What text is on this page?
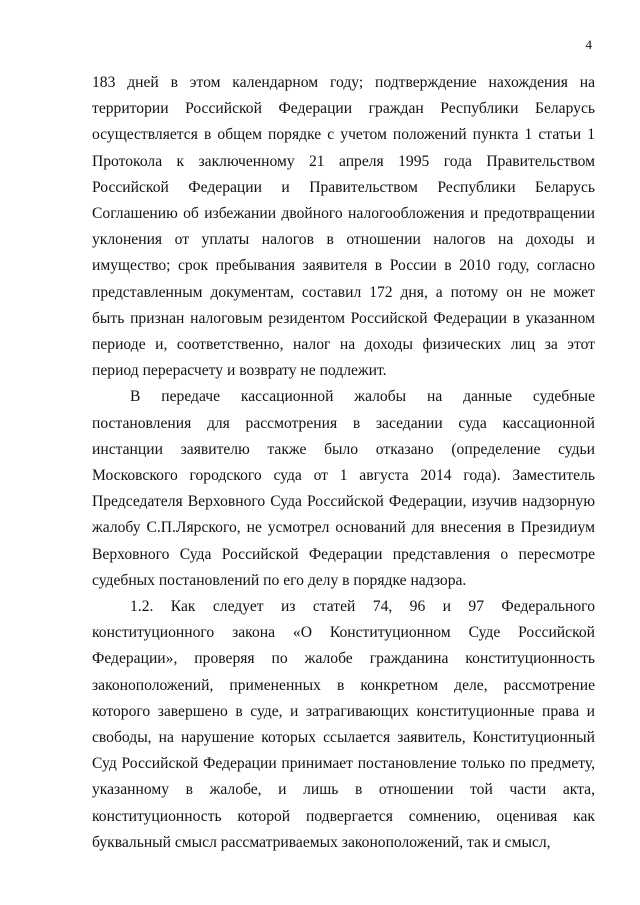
4

183 дней в этом календарном году; подтверждение нахождения на территории Российской Федерации граждан Республики Беларусь осуществляется в общем порядке с учетом положений пункта 1 статьи 1 Протокола к заключенному 21 апреля 1995 года Правительством Российской Федерации и Правительством Республики Беларусь Соглашению об избежании двойного налогообложения и предотвращении уклонения от уплаты налогов в отношении налогов на доходы и имущество; срок пребывания заявителя в России в 2010 году, согласно представленным документам, составил 172 дня, а потому он не может быть признан налоговым резидентом Российской Федерации в указанном периоде и, соответственно, налог на доходы физических лиц за этот период перерасчету и возврату не подлежит.

В передаче кассационной жалобы на данные судебные постановления для рассмотрения в заседании суда кассационной инстанции заявителю также было отказано (определение судьи Московского городского суда от 1 августа 2014 года). Заместитель Председателя Верховного Суда Российской Федерации, изучив надзорную жалобу С.П.Лярского, не усмотрел оснований для внесения в Президиум Верховного Суда Российской Федерации представления о пересмотре судебных постановлений по его делу в порядке надзора.

1.2. Как следует из статей 74, 96 и 97 Федерального конституционного закона «О Конституционном Суде Российской Федерации», проверяя по жалобе гражданина конституционность законоположений, примененных в конкретном деле, рассмотрение которого завершено в суде, и затрагивающих конституционные права и свободы, на нарушение которых ссылается заявитель, Конституционный Суд Российской Федерации принимает постановление только по предмету, указанному в жалобе, и лишь в отношении той части акта, конституционность которой подвергается сомнению, оценивая как буквальный смысл рассматриваемых законоположений, так и смысл,
